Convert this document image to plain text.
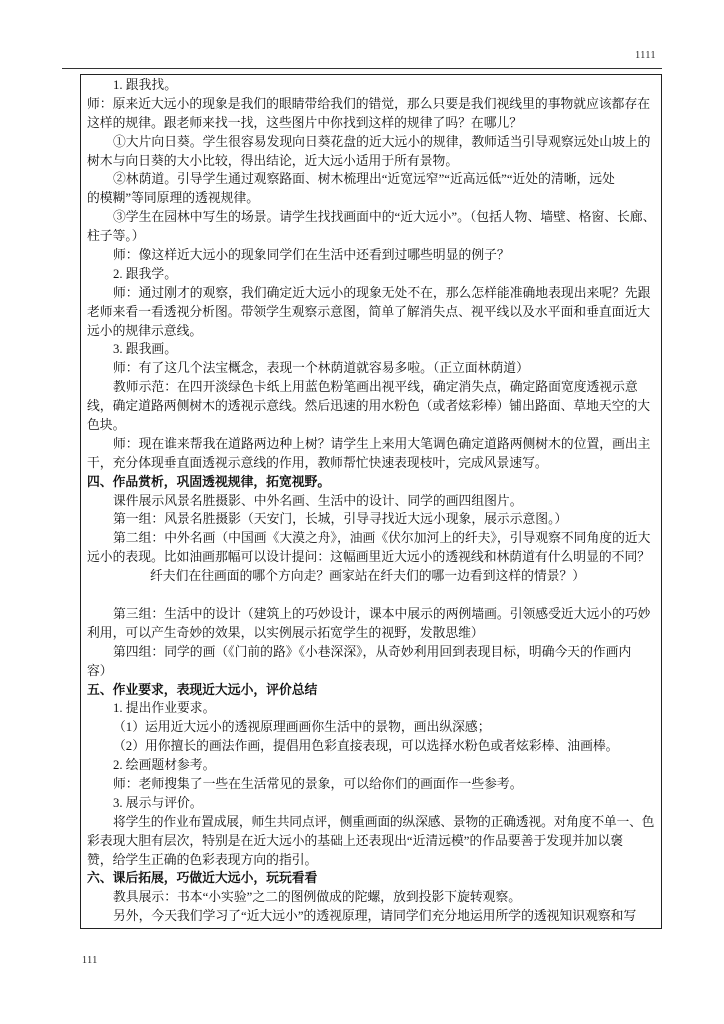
1111
1. 跟我找。
师：原来近大远小的现象是我们的眼睛带给我们的错觉，那么只要是我们视线里的事物就应该都存在
这样的规律。跟老师来找一找，这些图片中你找到这样的规律了吗？在哪儿？
①大片向日葵。学生很容易发现向日葵花盘的近大远小的规律，教师适当引导观察远处山坡上的
树木与向日葵的大小比较，得出结论，近大远小适用于所有景物。
②林荫道。引导学生通过观察路面、树木梳理出“近宽远窄”“近高远低”“近处的清晰，远处
的模糊”等同原理的透视规律。
③学生在园林中写生的场景。请学生找找画面中的“近大远小”。（包括人物、墙壁、格窗、长廊、
柱子等。）
师：像这样近大远小的现象同学们在生活中还看到过哪些明显的例子？
2. 跟我学。
师：通过刚才的观察，我们确定近大远小的现象无处不在，那么怎样能准确地表现出来呢？先跟
老师来看一看透视分析图。带领学生观察示意图，简单了解消失点、视平线以及水平面和垂直面近大
远小的规律示意线。
3. 跟我画。
师：有了这几个法宝概念，表现一个林荫道就容易多啦。（正立面林荫道）
教师示范：在四开淡绿色卡纸上用蓝色粉笔画出视平线，确定消失点，确定路面宽度透视示意
线，确定道路两侧树木的透视示意线。然后迅速的用水粉色（或者炫彩棒）铺出路面、草地天空的大
色块。
师：现在谁来帮我在道路两边种上树？请学生上来用大笔调色确定道路两侧树木的位置，画出主
干，充分体现垂直面透视示意线的作用，教师帮忙快速表现枝叶，完成风景速写。
四、作品赏析，巩固透视规律，拓宽视野。
课件展示风景名胜摄影、中外名画、生活中的设计、同学的画四组图片。
第一组：风景名胜摄影（天安门，长城，引导寻找近大远小现象，展示示意图。）
第二组：中外名画（中国画《大漠之舟》，油画《伏尔加河上的纤夫》，引导观察不同角度的近大
远小的表现。比如油画那幅可以设计提问：这幅画里近大远小的透视线和林荫道有什么明显的不同？
纤夫们在往画面的哪个方向走？画家站在纤夫们的哪一边看到这样的情景？）
第三组：生活中的设计（建筑上的巧妙设计，课本中展示的两例墙画。引领感受近大远小的巧妙
利用，可以产生奇妙的效果，以实例展示拓宽学生的视野，发散思维）
第四组：同学的画（《门前的路》《小巷深深》，从奇妙利用回到表现目标，明确今天的作画内
容）
五、作业要求，表现近大远小，评价总结
1. 提出作业要求。
（1）运用近大远小的透视原理画画你生活中的景物，画出纵深感；
（2）用你擅长的画法作画，提倡用色彩直接表现，可以选择水粉色或者炫彩棒、油画棒。
2. 绘画题材参考。
师：老师搜集了一些在生活常见的景象，可以给你们的画面作一些参考。
3. 展示与评价。
将学生的作业布置成展，师生共同点评，侧重画面的纵深感、景物的正确透视。对角度不单一、色
彩表现大胆有层次，特别是在近大远小的基础上还表现出“近清远模”的作品要善于发现并加以褒
赞，给学生正确的色彩表现方向的指引。
六、课后拓展，巧做近大远小，玩玩看看
教具展示：书本“小实验”之二的图例做成的陀螺，放到投影下旋转观察。
另外，今天我们学习了“近大远小”的透视原理，请同学们充分地运用所学的透视知识观察和写
111
